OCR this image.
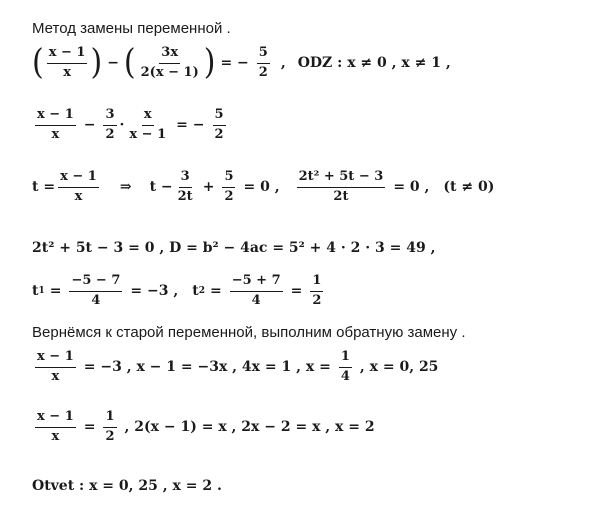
Метод замены переменной .
( $\frac{x - 1}{x}$ ) − ( $\frac{3x}{2(x - 1)}$ ) = − $\frac{5}{2}$ , ODZ : x ≠ 0 , x ≠ 1 ,
$\frac{x - 1}{x} - \frac{3}{2} \cdot \frac{x}{x - 1}$ = − $\frac{5}{2}$
$t = \frac{x - 1}{x}$ ⇒ $t - \frac{3}{2t} + \frac{5}{2} = 0$ , $\frac{\text{2t² + 5t − 3}}{2t} = 0$ , (t ≠ 0)
2t² + 5t − 3 = 0 , D = b² − 4ac = 5² + 4 · 2 · 3 = 49 ,
t $1 = \frac{-5 - 7}{4} = -3$ , t $2 = \frac{-5 + 7}{4} = \frac{1}{2}$
Вернёмся к старой переменной, выполним обратную замену .
$\frac{x - 1}{x} = -3$ , x − 1 = −3x , 4x = 1 , $x = \frac{1}{4}$ , x = 0, 25
$\frac{x - 1}{x} = \frac{1}{2}$ , 2(x − 1) = x , 2x − 2 = x , x = 2
Otvet : x = 0, 25 , x = 2 .
